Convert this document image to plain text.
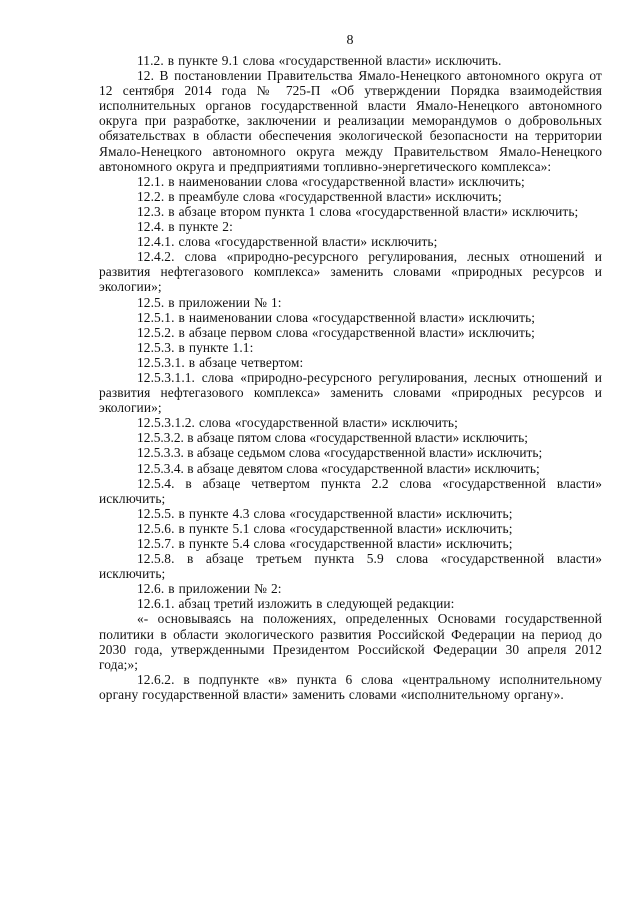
8

11.2. в пункте 9.1 слова «государственной власти» исключить.

12. В постановлении Правительства Ямало-Ненецкого автономного округа от 12 сентября 2014 года № 725-П «Об утверждении Порядка взаимодействия исполнительных органов государственной власти Ямало-Ненецкого автономного округа при разработке, заключении и реализации меморандумов о добровольных обязательствах в области обеспечения экологической безопасности на территории Ямало-Ненецкого автономного округа между Правительством Ямало-Ненецкого автономного округа и предприятиями топливно-энергетического комплекса»:

12.1. в наименовании слова «государственной власти» исключить;

12.2. в преамбуле слова «государственной власти» исключить;

12.3. в абзаце втором пункта 1 слова «государственной власти» исключить;

12.4. в пункте 2:

12.4.1. слова «государственной власти» исключить;

12.4.2. слова «природно-ресурсного регулирования, лесных отношений и развития нефтегазового комплекса» заменить словами «природных ресурсов и экологии»;

12.5. в приложении № 1:

12.5.1. в наименовании слова «государственной власти» исключить;

12.5.2. в абзаце первом слова «государственной власти» исключить;

12.5.3. в пункте 1.1:

12.5.3.1. в абзаце четвертом:

12.5.3.1.1. слова «природно-ресурсного регулирования, лесных отношений и развития нефтегазового комплекса» заменить словами «природных ресурсов и экологии»;

12.5.3.1.2. слова «государственной власти» исключить;

12.5.3.2. в абзаце пятом слова «государственной власти» исключить;

12.5.3.3. в абзаце седьмом слова «государственной власти» исключить;

12.5.3.4. в абзаце девятом слова «государственной власти» исключить;

12.5.4. в абзаце четвертом пункта 2.2 слова «государственной власти» исключить;

12.5.5. в пункте 4.3 слова «государственной власти» исключить;

12.5.6. в пункте 5.1 слова «государственной власти» исключить;

12.5.7. в пункте 5.4 слова «государственной власти» исключить;

12.5.8. в абзаце третьем пункта 5.9 слова «государственной власти» исключить;

12.6. в приложении № 2:

12.6.1. абзац третий изложить в следующей редакции:

«- основываясь на положениях, определенных Основами государственной политики в области экологического развития Российской Федерации на период до 2030 года, утвержденными Президентом Российской Федерации 30 апреля 2012 года;»;

12.6.2. в подпункте «в» пункта 6 слова «центральному исполнительному органу государственной власти» заменить словами «исполнительному органу».
